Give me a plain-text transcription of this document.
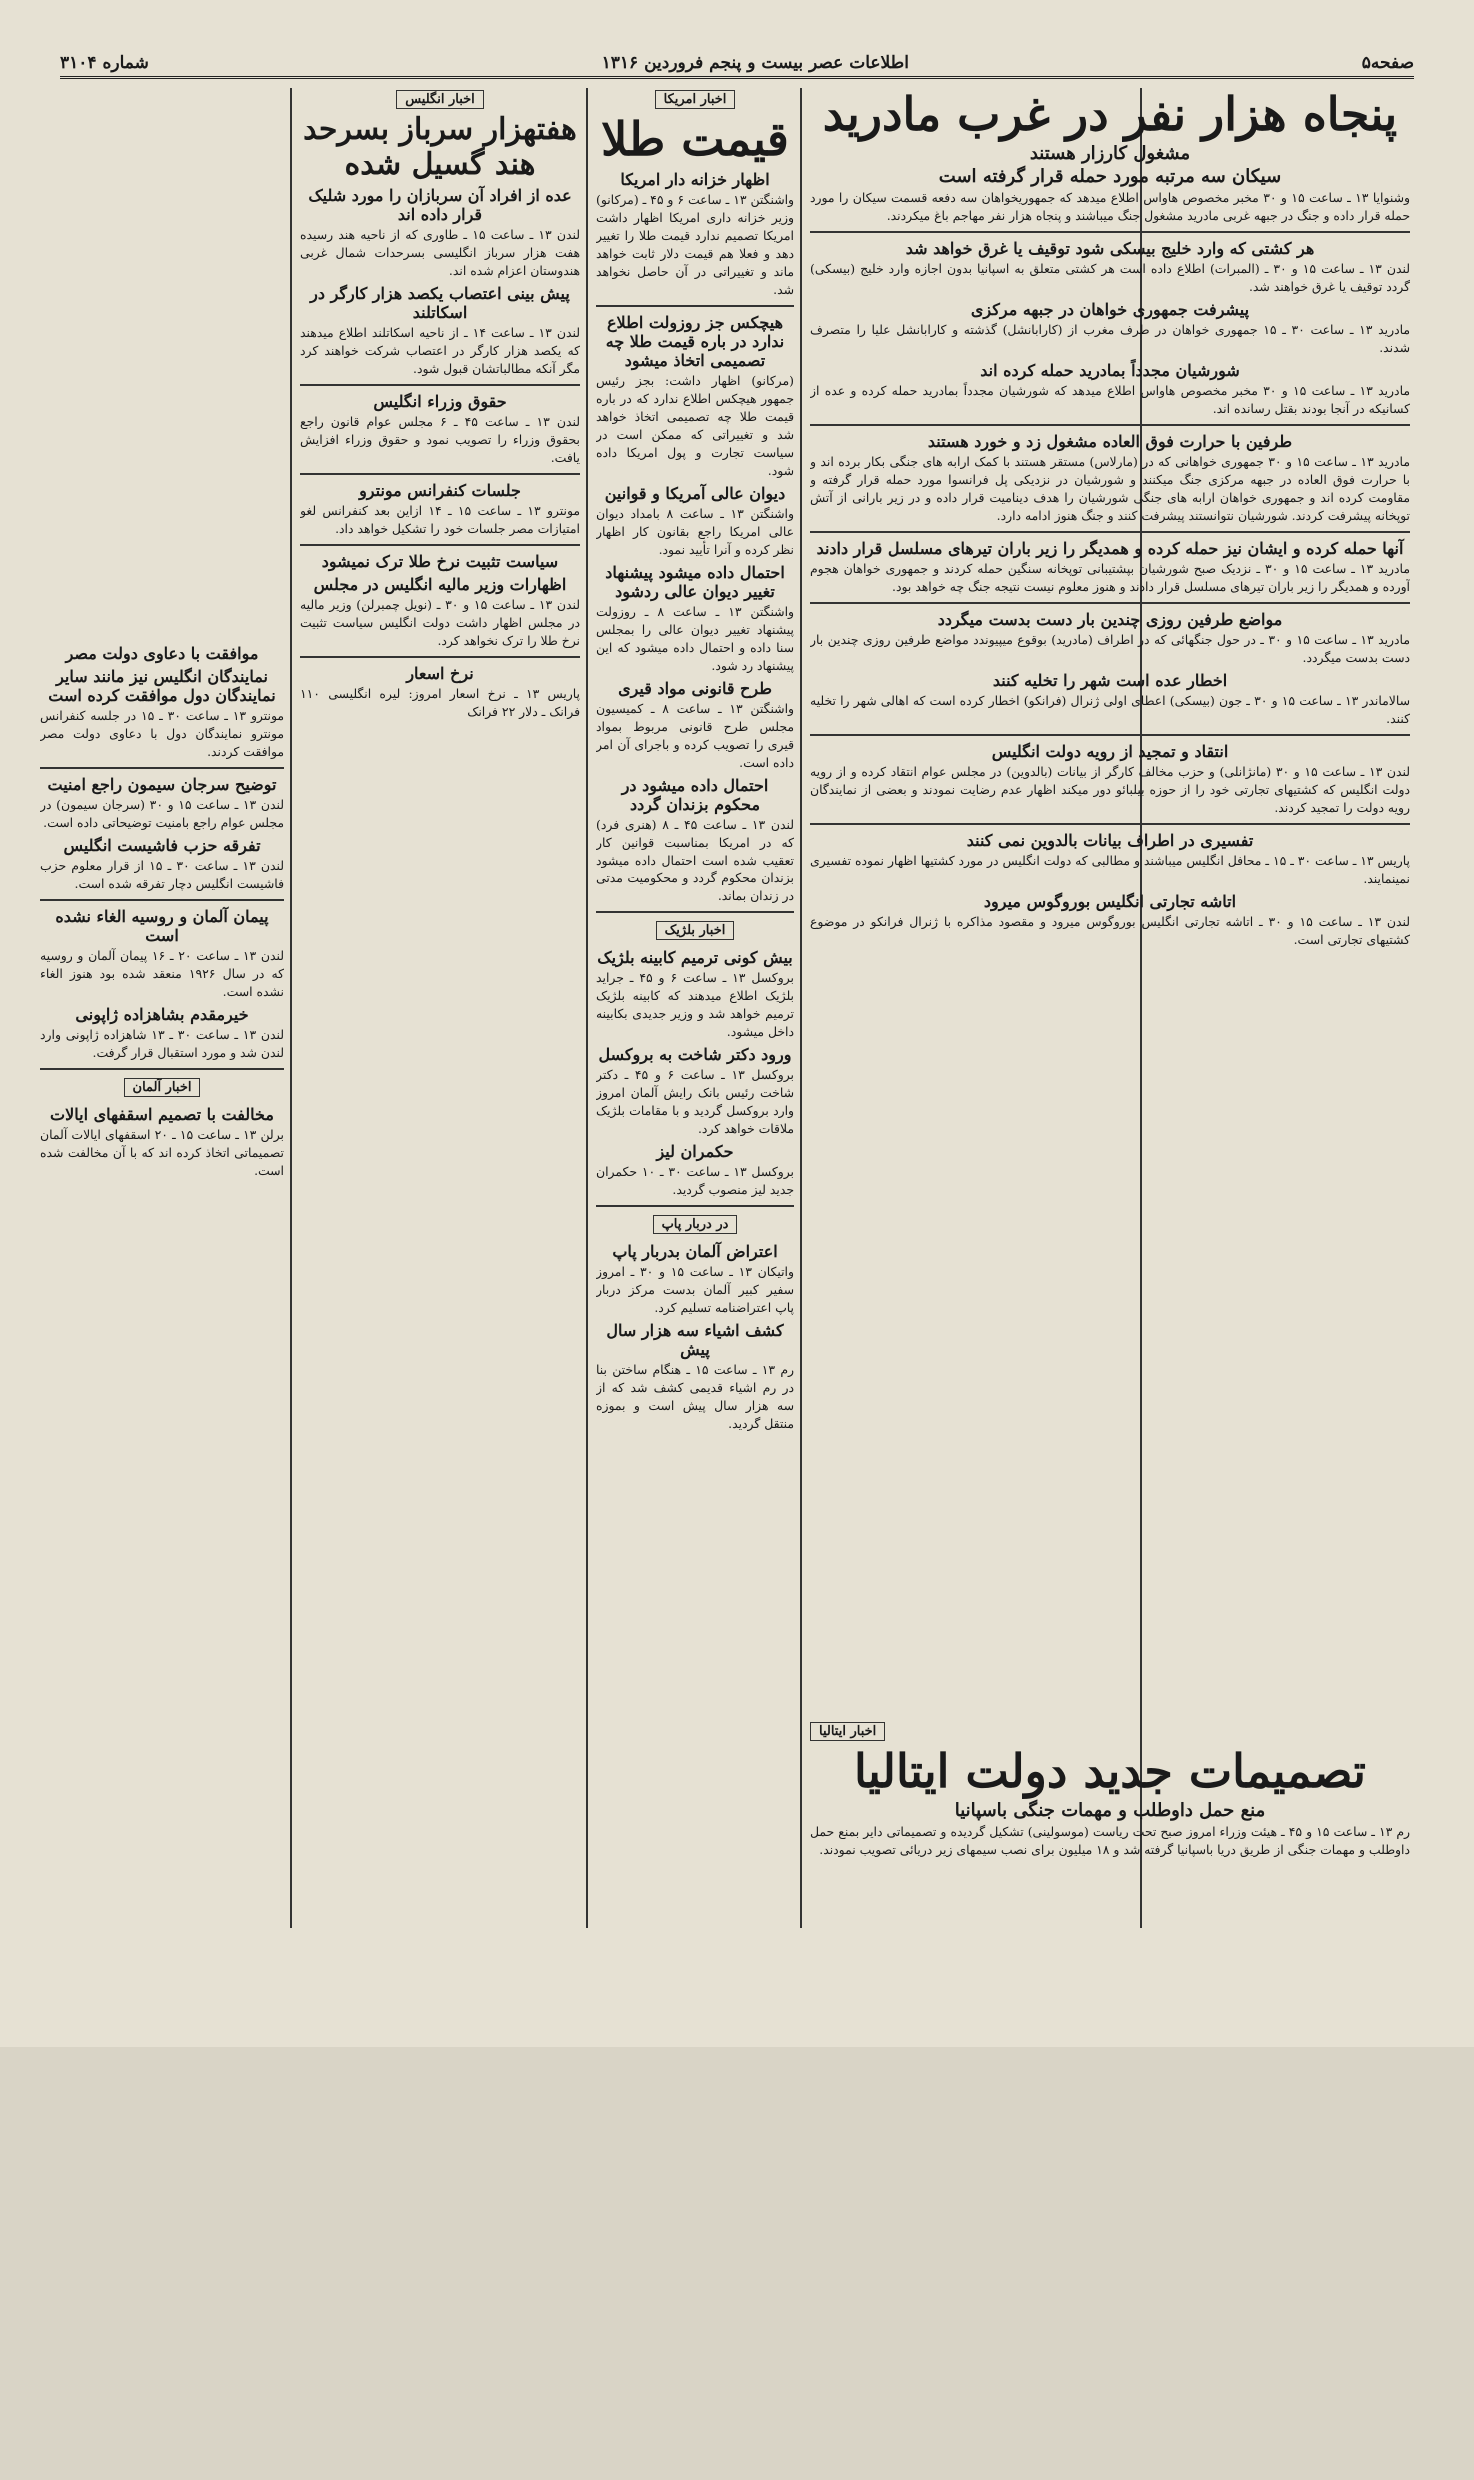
صفحه۵
اطلاعات عصر بیست و پنجم فروردین ۱۳۱۶
شماره ۳۱۰۴
پنجاه هزار نفر در غرب مادرید
مشغول کارزار هستند
سیکان سه مرتبه مورد حمله قرار گرفته است

وشنوایا ۱۳ ـ ساعت ۱۵ و ۳۰ مخبر مخصوص هاواس اطلاع میدهد که جمهوریخواهان سه دفعه قسمت سیکان را مورد حمله قرار داده و جنگ در جبهه غربی مادرید مشغول جنگ میباشند و پنجاه هزار نفر مهاجم باغ میکردند.

هر کشتی که وارد خلیج بیسکی شود توقیف یا غرق خواهد شد

لندن ۱۳ ـ ساعت ۱۵ و ۳۰ ـ (المبرات) اطلاع داده است هر کشتی متعلق به اسپانیا بدون اجازه وارد خلیج (بیسکی) گردد توقیف یا غرق خواهند شد.

پیشرفت جمهوری خواهان در جبهه مرکزی

مادرید ۱۳ ـ ساعت ۳۰ ـ ۱۵ جمهوری خواهان در طرف مغرب از (کارابانشل) گذشته و کارابانشل علیا را متصرف شدند.

شورشیان مجدداً بمادرید حمله کرده اند

مادرید ۱۳ ـ ساعت ۱۵ و ۳۰ مخبر مخصوص هاواس اطلاع میدهد که شورشیان مجدداً بمادرید حمله کرده و عده از کسانیکه در آنجا بودند بقتل رسانده اند.

طرفین با حرارت فوق العاده مشغول زد و خورد هستند

مادرید ۱۳ ـ ساعت ۱۵ و ۳۰ جمهوری خواهانی که در (مارلاس) مستقر هستند با کمک ارابه های جنگی بکار برده اند و با حرارت فوق العاده در جبهه مرکزی جنگ میکنند و شورشیان در نزدیکی پل فرانسوا مورد حمله قرار گرفته و مقاومت کرده اند و جمهوری خواهان ارابه های جنگی شورشیان را هدف دینامیت قرار داده و در زیر بارانی از آتش توپخانه پیشرفت کردند. شورشیان نتوانستند پیشرفت کنند و جنگ هنوز ادامه دارد.

آنها حمله کرده و ایشان نیز حمله کرده و همدیگر را زیر باران تیرهای مسلسل قرار دادند

مادرید ۱۳ ـ ساعت ۱۵ و ۳۰ ـ نزدیک صبح شورشیان بپشتیبانی توپخانه سنگین حمله کردند و جمهوری خواهان هجوم آورده و همدیگر را زیر باران تیرهای مسلسل قرار دادند و هنوز معلوم نیست نتیجه جنگ چه خواهد بود.

مواضع طرفین روزی چندین بار دست بدست میگردد

مادرید ۱۳ ـ ساعت ۱۵ و ۳۰ ـ در حول جنگهائی که در اطراف (مادرید) بوقوع میپیوندد مواضع طرفین روزی چندین بار دست بدست میگردد.

اخطار عده است شهر را تخلیه کنند

سالاماندر ۱۳ ـ ساعت ۱۵ و ۳۰ ـ جون (بیسکی) اعطای اولی ژنرال (فرانکو) اخطار کرده است که اهالی شهر را تخلیه کنند.

انتقاد و تمجید از رویه دولت انگلیس

لندن ۱۳ ـ ساعت ۱۵ و ۳۰ (مانژانلی) و حزب مخالف کارگر از بیانات (بالدوین) در مجلس عوام انتقاد کرده و از رویه دولت انگلیس که کشتیهای تجارتی خود را از حوزه بیلبائو دور میکند اظهار عدم رضایت نمودند و بعضی از نمایندگان رویه دولت را تمجید کردند.

تفسیری در اطراف بیانات بالدوین نمی کنند

پاریس ۱۳ ـ ساعت ۳۰ ـ ۱۵ ـ محافل انگلیس میباشند و مطالبی که دولت انگلیس در مورد کشتیها اظهار نموده تفسیری نمینمایند.

اتاشه تجارتی انگلیس بوروگوس میرود

لندن ۱۳ ـ ساعت ۱۵ و ۳۰ ـ اتاشه تجارتی انگلیس بوروگوس میرود و مقصود مذاکره با ژنرال فرانکو در موضوع کشتیهای تجارتی است.

اخبار ایتالیا
تصمیمات جدید دولت ایتالیا
منع حمل داوطلب و مهمات جنگی باسپانیا

رم ۱۳ ـ ساعت ۱۵ و ۴۵ ـ هیئت وزراء امروز صبح تحت ریاست (موسولینی) تشکیل گردیده و تصمیماتی دایر بمنع حمل داوطلب و مهمات جنگی از طریق دریا باسپانیا گرفته شد و ۱۸ میلیون برای نصب سیمهای زیر دریائی تصویب نمودند.

اخبار امریکا
قیمت طلا
اظهار خزانه دار امریکا

واشنگتن ۱۳ ـ ساعت ۶ و ۴۵ ـ (مرکانو) وزیر خزانه داری امریکا اظهار داشت امریکا تصمیم ندارد قیمت طلا را تغییر دهد و فعلا هم قیمت دلار ثابت خواهد ماند و تغییراتی در آن حاصل نخواهد شد.

هیچکس جز روزولت اطلاع ندارد در باره قیمت طلا چه تصمیمی اتخاذ میشود

(مرکانو) اظهار داشت: بجز رئیس جمهور هیچکس اطلاع ندارد که در باره قیمت طلا چه تصمیمی اتخاذ خواهد شد و تغییراتی که ممکن است در سیاست تجارت و پول امریکا داده شود.

دیوان عالی آمریکا و قوانین

واشنگتن ۱۳ ـ ساعت ۸ بامداد دیوان عالی امریکا راجع بقانون کار اظهار نظر کرده و آنرا تأیید نمود.

احتمال داده میشود پیشنهاد تغییر دیوان عالی ردشود

واشنگتن ۱۳ ـ ساعت ۸ ـ روزولت پیشنهاد تغییر دیوان عالی را بمجلس سنا داده و احتمال داده میشود که این پیشنهاد رد شود.

طرح قانونی مواد قیری

واشنگتن ۱۳ ـ ساعت ۸ ـ کمیسیون مجلس طرح قانونی مربوط بمواد قیری را تصویب کرده و باجرای آن امر داده است.

احتمال داده میشود در محکوم بزندان گردد

لندن ۱۳ ـ ساعت ۴۵ ـ ۸ (هنری فرد) که در امریکا بمناسبت قوانین کار تعقیب شده است احتمال داده میشود بزندان محکوم گردد و محکومیت مدتی در زندان بماند.

اخبار بلژیک
بیش کونی ترمیم کابینه بلژیک

بروکسل ۱۳ ـ ساعت ۶ و ۴۵ ـ جراید بلژیک اطلاع میدهند که کابینه بلژیک ترمیم خواهد شد و وزیر جدیدی بکابینه داخل میشود.

ورود دکتر شاخت به بروکسل

بروکسل ۱۳ ـ ساعت ۶ و ۴۵ ـ دکتر شاخت رئیس بانک رایش آلمان امروز وارد بروکسل گردید و با مقامات بلژیک ملاقات خواهد کرد.

حکمران لیز

بروکسل ۱۳ ـ ساعت ۳۰ ـ ۱۰ حکمران جدید لیز منصوب گردید.

در دربار پاپ
اعتراض آلمان بدربار پاپ

واتیکان ۱۳ ـ ساعت ۱۵ و ۳۰ ـ امروز سفیر کبیر آلمان بدست مرکز دربار پاپ اعتراضنامه تسلیم کرد.

کشف اشیاء سه هزار سال پیش

رم ۱۳ ـ ساعت ۱۵ ـ هنگام ساختن بنا در رم اشیاء قدیمی کشف شد که از سه هزار سال پیش است و بموزه منتقل گردید.

اخبار انگلیس
هفتهزار سرباز بسرحد هند گسیل شده
عده از افراد آن سربازان را مورد شلیک قرار داده اند

لندن ۱۳ ـ ساعت ۱۵ ـ طاوری که از ناحیه هند رسیده هفت هزار سرباز انگلیسی بسرحدات شمال غربی هندوستان اعزام شده اند.

پیش بینی اعتصاب یکصد هزار کارگر در اسکاتلند

لندن ۱۳ ـ ساعت ۱۴ ـ از ناحیه اسکاتلند اطلاع میدهند که یکصد هزار کارگر در اعتصاب شرکت خواهند کرد مگر آنکه مطالباتشان قبول شود.

حقوق وزراء انگلیس

لندن ۱۳ ـ ساعت ۴۵ ـ ۶ مجلس عوام قانون راجع بحقوق وزراء را تصویب نمود و حقوق وزراء افزایش یافت.

جلسات کنفرانس مونترو

مونترو ۱۳ ـ ساعت ۱۵ ـ ۱۴ ازاین بعد کنفرانس لغو امتیازات مصر جلسات خود را تشکیل خواهد داد.

سیاست تثبیت نرخ طلا ترک نمیشود
اظهارات وزیر مالیه انگلیس در مجلس

لندن ۱۳ ـ ساعت ۱۵ و ۳۰ ـ (نویل چمبرلن) وزیر مالیه در مجلس اظهار داشت دولت انگلیس سیاست تثبیت نرخ طلا را ترک نخواهد کرد.

نرخ اسعار

پاریس ۱۳ ـ نرخ اسعار امروز: لیره انگلیسی ۱۱۰ فرانک ـ دلار ۲۲ فرانک

موافقت با دعاوی دولت مصر
نمایندگان انگلیس نیز مانند سایر نمایندگان دول موافقت کرده است

مونترو ۱۳ ـ ساعت ۳۰ ـ ۱۵ در جلسه کنفرانس مونترو نمایندگان دول با دعاوی دولت مصر موافقت کردند.

توضیح سرجان سیمون راجع امنیت

لندن ۱۳ ـ ساعت ۱۵ و ۳۰ (سرجان سیمون) در مجلس عوام راجع بامنیت توضیحاتی داده است.

تفرقه حزب فاشیست انگلیس

لندن ۱۳ ـ ساعت ۳۰ ـ ۱۵ از قرار معلوم حزب فاشیست انگلیس دچار تفرقه شده است.

پیمان آلمان و روسیه الغاء نشده است

لندن ۱۳ ـ ساعت ۲۰ ـ ۱۶ پیمان آلمان و روسیه که در سال ۱۹۲۶ منعقد شده بود هنوز الغاء نشده است.

خیرمقدم بشاهزاده ژاپونی

لندن ۱۳ ـ ساعت ۳۰ ـ ۱۳ شاهزاده ژاپونی وارد لندن شد و مورد استقبال قرار گرفت.

اخبار آلمان
مخالفت با تصمیم اسقفهای ایالات

برلن ۱۳ ـ ساعت ۱۵ ـ ۲۰ اسقفهای ایالات آلمان تصمیماتی اتخاذ کرده اند که با آن مخالفت شده است.
